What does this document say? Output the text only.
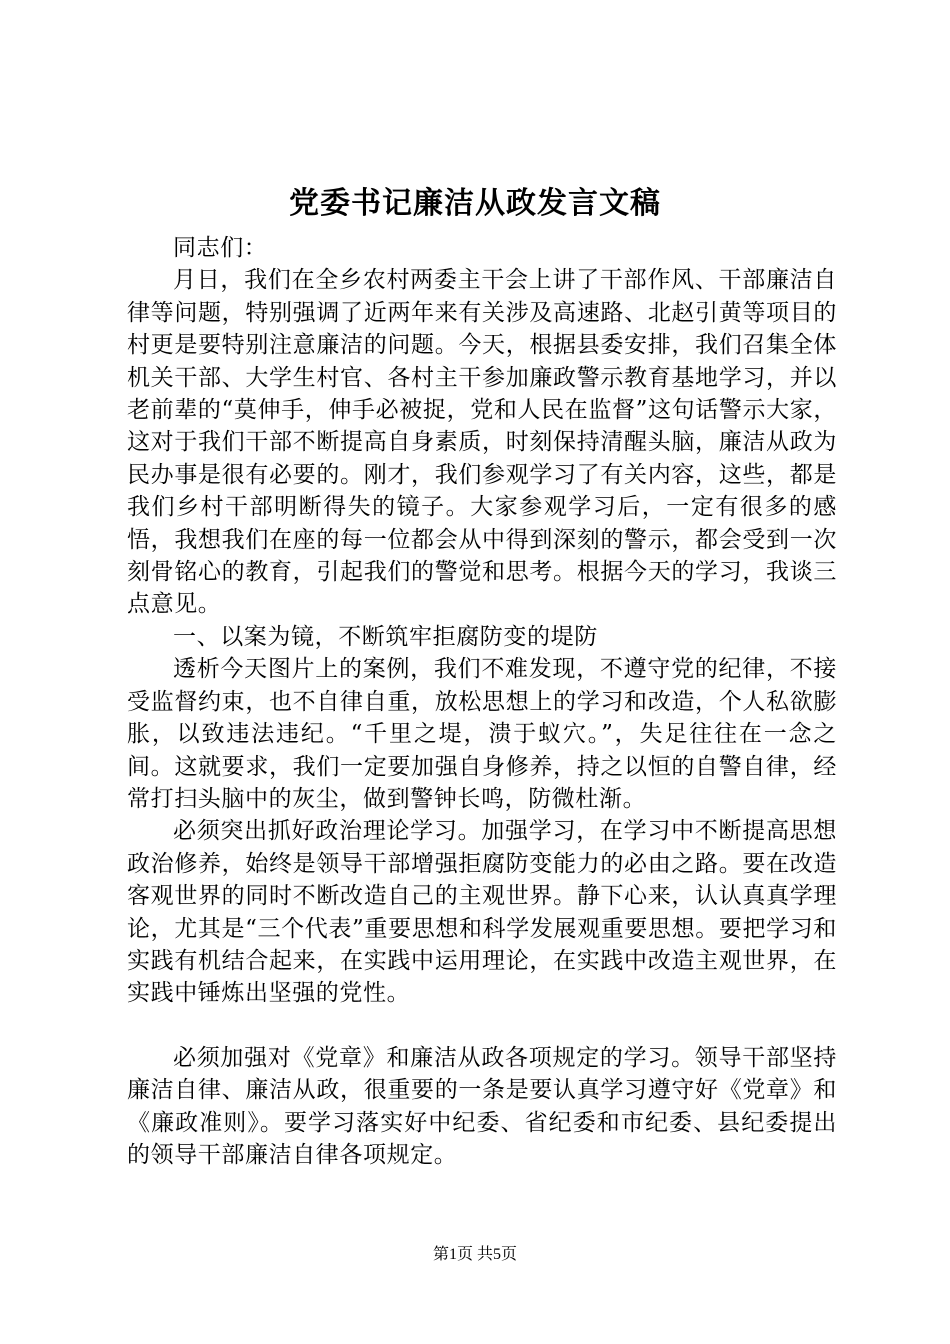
党委书记廉洁从政发言文稿

同志们：

月日，我们在全乡农村两委主干会上讲了干部作风、干部廉洁自律等问题，特别强调了近两年来有关涉及高速路、北赵引黄等项目的村更是要特别注意廉洁的问题。今天，根据县委安排，我们召集全体机关干部、大学生村官、各村主干参加廉政警示教育基地学习，并以老前辈的“莫伸手，伸手必被捉，党和人民在监督”这句话警示大家，这对于我们干部不断提高自身素质，时刻保持清醒头脑，廉洁从政为民办事是很有必要的。刚才，我们参观学习了有关内容，这些，都是我们乡村干部明断得失的镜子。大家参观学习后，一定有很多的感悟，我想我们在座的每一位都会从中得到深刻的警示，都会受到一次刻骨铭心的教育，引起我们的警觉和思考。根据今天的学习，我谈三点意见。

一、以案为镜，不断筑牢拒腐防变的堤防

透析今天图片上的案例，我们不难发现，不遵守党的纪律，不接受监督约束，也不自律自重，放松思想上的学习和改造，个人私欲膨胀，以致违法违纪。“千里之堤，溃于蚁穴。”，失足往往在一念之间。这就要求，我们一定要加强自身修养，持之以恒的自警自律，经常打扫头脑中的灰尘，做到警钟长鸣，防微杜渐。

必须突出抓好政治理论学习。加强学习，在学习中不断提高思想政治修养，始终是领导干部增强拒腐防变能力的必由之路。要在改造客观世界的同时不断改造自己的主观世界。静下心来，认认真真学理论，尤其是“三个代表”重要思想和科学发展观重要思想。要把学习和实践有机结合起来，在实践中运用理论，在实践中改造主观世界，在实践中锤炼出坚强的党性。

必须加强对《党章》和廉洁从政各项规定的学习。领导干部坚持廉洁自律、廉洁从政，很重要的一条是要认真学习遵守好《党章》和《廉政准则》。要学习落实好中纪委、省纪委和市纪委、县纪委提出的领导干部廉洁自律各项规定。

第1页 共5页
